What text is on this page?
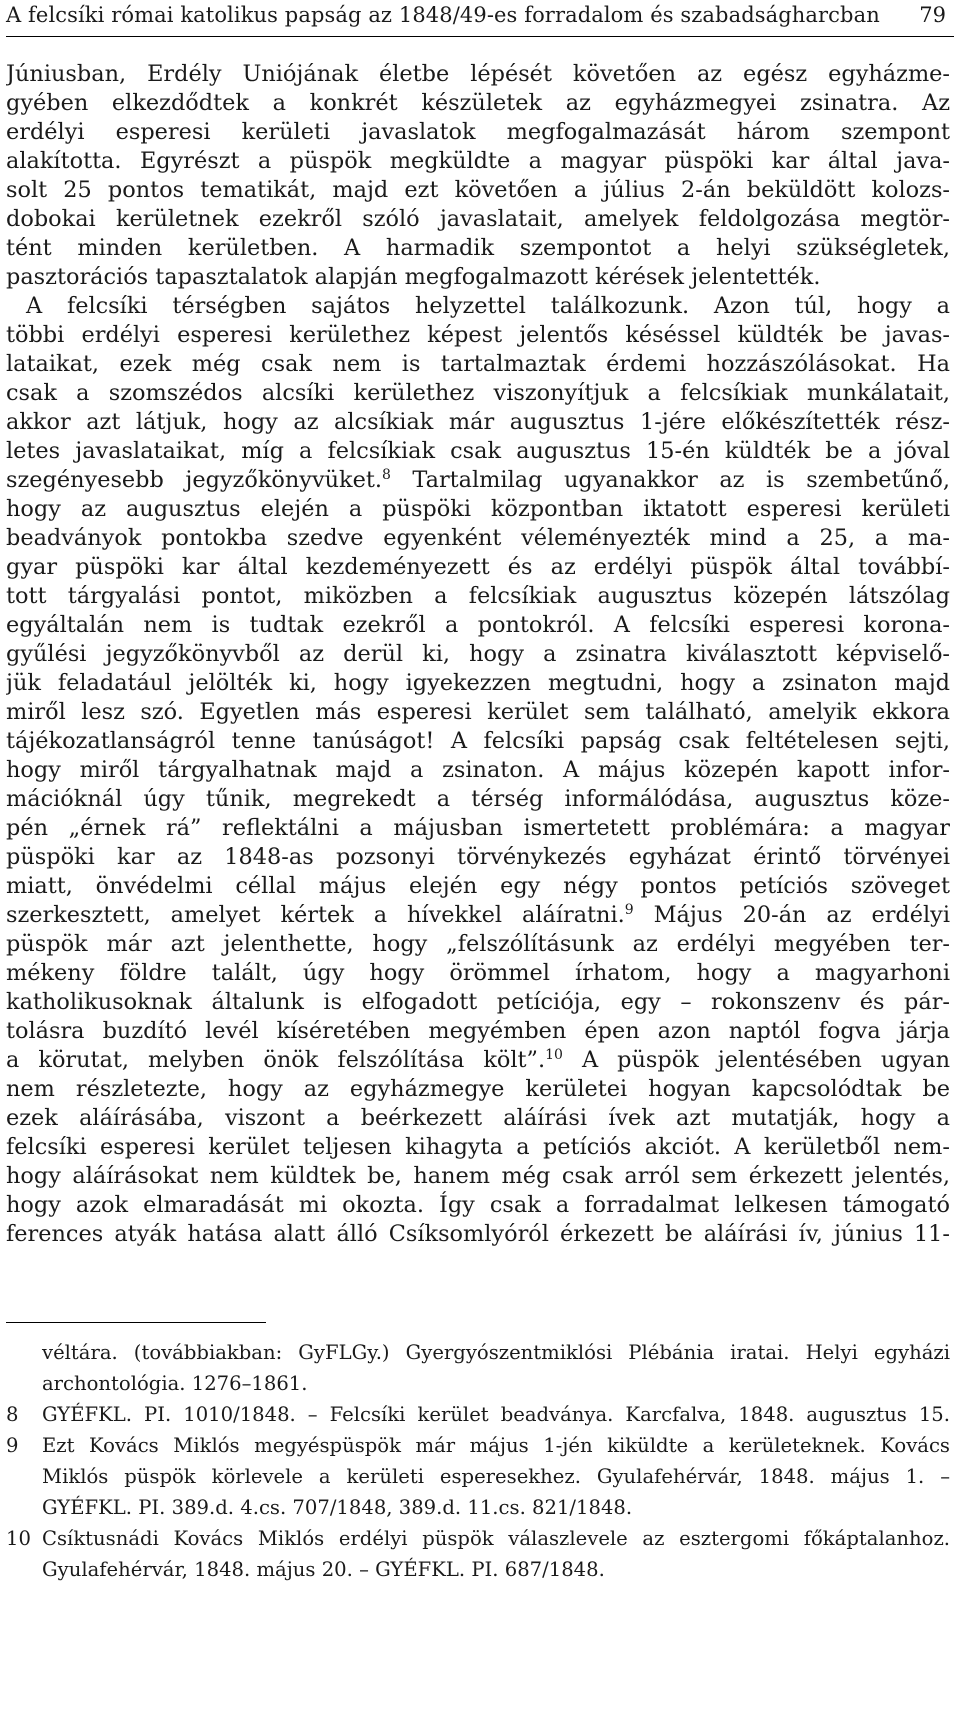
A felcsíki római katolikus papság az 1848/49-es forradalom és szabadságharcban 79
Júniusban, Erdély Uniójának életbe lépését követően az egész egyházme-
gyében elkezdődtek a konkrét készületek az egyházmegyei zsinatra. Az
erdélyi esperesi kerületi javaslatok megfogalmazását három szempont
alakította. Egyrészt a püspök megküldte a magyar püspöki kar által java-
solt 25 pontos tematikát, majd ezt követően a július 2-án beküldött kolozs-
dobokai kerületnek ezekről szóló javaslatait, amelyek feldolgozása megtör-
tént minden kerületben. A harmadik szempontot a helyi szükségletek,
pasztorációs tapasztalatok alapján megfogalmazott kérések jelentették.
A felcsíki térségben sajátos helyzettel találkozunk. Azon túl, hogy a
többi erdélyi esperesi kerülethez képest jelentős késéssel küldték be javas-
lataikat, ezek még csak nem is tartalmaztak érdemi hozzászólásokat. Ha
csak a szomszédos alcsíki kerülethez viszonyítjuk a felcsíkiak munkálatait,
akkor azt látjuk, hogy az alcsíkiak már augusztus 1-jére előkészítették rész-
letes javaslataikat, míg a felcsíkiak csak augusztus 15-én küldték be a jóval
szegényesebb jegyzőkönyvüket.$^8$ Tartalmilag ugyanakkor az is szembetűnő,
hogy az augusztus elején a püspöki központban iktatott esperesi kerületi
beadványok pontokba szedve egyenként véleményezték mind a 25, a ma-
gyar püspöki kar által kezdeményezett és az erdélyi püspök által továbbí-
tott tárgyalási pontot, miközben a felcsíkiak augusztus közepén látszólag
egyáltalán nem is tudtak ezekről a pontokról. A felcsíki esperesi korona-
gyűlési jegyzőkönyvből az derül ki, hogy a zsinatra kiválasztott képviselő-
jük feladatául jelölték ki, hogy igyekezzen megtudni, hogy a zsinaton majd
miről lesz szó. Egyetlen más esperesi kerület sem található, amelyik ekkora
tájékozatlanságról tenne tanúságot! A felcsíki papság csak feltételesen sejti,
hogy miről tárgyalhatnak majd a zsinaton. A május közepén kapott infor-
mációknál úgy tűnik, megrekedt a térség informálódása, augusztus köze-
pén „érnek rá” reflektálni a májusban ismertetett problémára: a magyar
püspöki kar az 1848-as pozsonyi törvénykezés egyházat érintő törvényei
miatt, önvédelmi céllal május elején egy négy pontos petíciós szöveget
szerkesztett, amelyet kértek a hívekkel aláíratni.$^9$ Május 20-án az erdélyi
püspök már azt jelenthette, hogy „felszólításunk az erdélyi megyében ter-
mékeny földre talált, úgy hogy örömmel írhatom, hogy a magyarhoni
katholikusoknak általunk is elfogadott petíciója, egy – rokonszenv és pár-
tolásra buzdító levél kíséretében megyémben épen azon naptól fogva járja
a körutat, melyben önök felszólítása költ”.$^{10}$ A püspök jelentésében ugyan
nem részletezte, hogy az egyházmegye kerületei hogyan kapcsolódtak be
ezek aláírásába, viszont a beérkezett aláírási ívek azt mutatják, hogy a
felcsíki esperesi kerület teljesen kihagyta a petíciós akciót. A kerületből nem-
hogy aláírásokat nem küldtek be, hanem még csak arról sem érkezett jelentés,
hogy azok elmaradását mi okozta. Így csak a forradalmat lelkesen támogató
ferences atyák hatása alatt álló Csíksomlyóról érkezett be aláírási ív, június 11-
véltára. (továbbiakban: GyFLGy.) Gyergyószentmiklósi Plébánia iratai. Helyi egyházi
archontológia. 1276–1861.
8 GYÉFKL. PI. 1010/1848. – Felcsíki kerület beadványa. Karcfalva, 1848. augusztus 15.
9 Ezt Kovács Miklós megyéspüspök már május 1-jén kiküldte a kerületeknek. Kovács
Miklós püspök körlevele a kerületi esperesekhez. Gyulafehérvár, 1848. május 1. –
GYÉFKL. PI. 389.d. 4.cs. 707/1848, 389.d. 11.cs. 821/1848.
10 Csíktusnádi Kovács Miklós erdélyi püspök válaszlevele az esztergomi főkáptalanhoz.
Gyulafehérvár, 1848. május 20. – GYÉFKL. PI. 687/1848.
